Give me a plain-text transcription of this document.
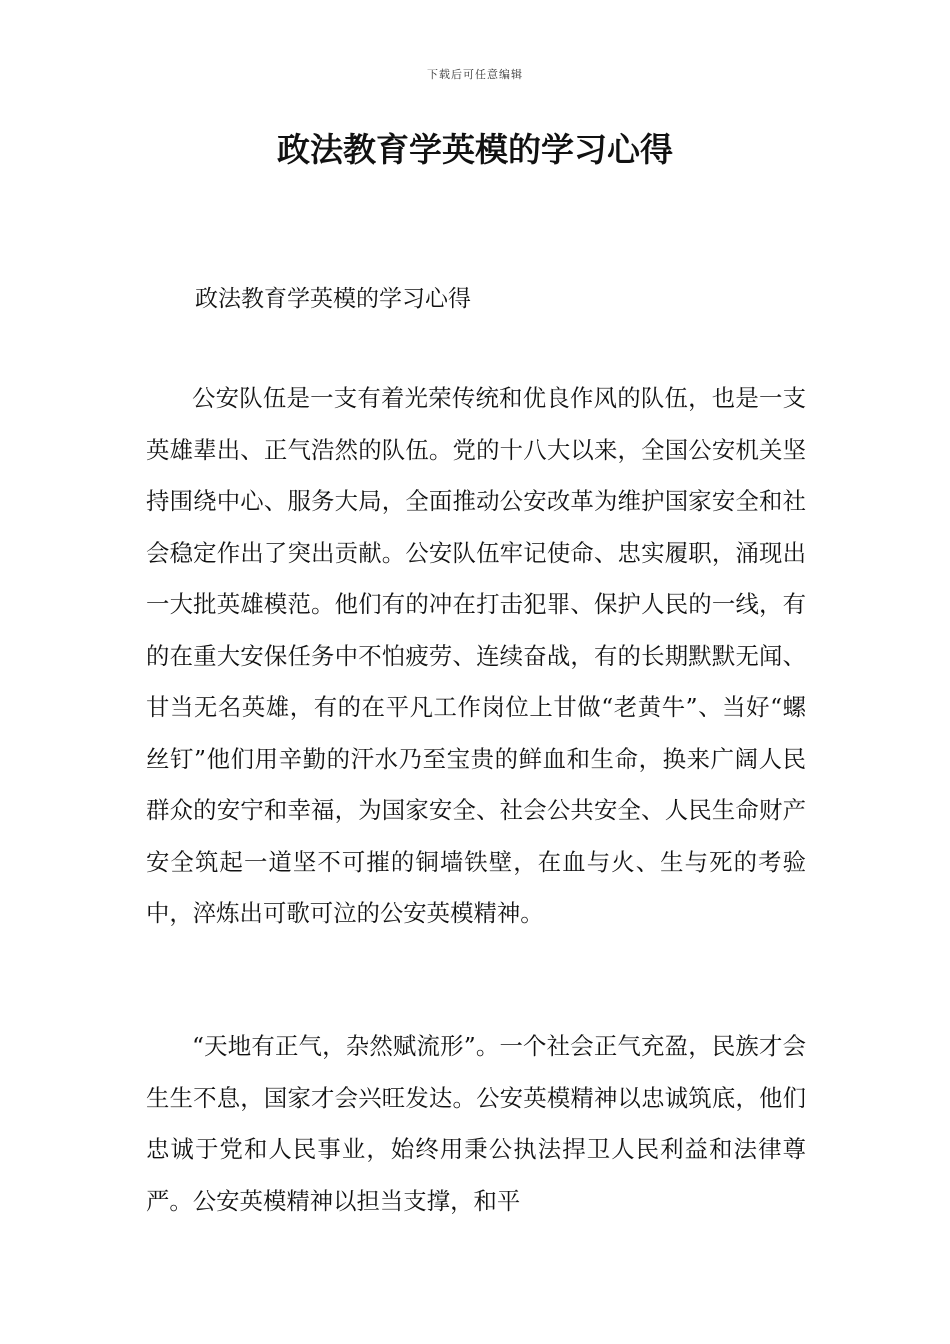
下载后可任意编辑
政法教育学英模的学习心得

政法教育学英模的学习心得

公安队伍是一支有着光荣传统和优良作风的队伍，也是一支英雄辈出、正气浩然的队伍。党的十八大以来，全国公安机关坚持围绕中心、服务大局，全面推动公安改革为维护国家安全和社会稳定作出了突出贡献。公安队伍牢记使命、忠实履职，涌现出一大批英雄模范。他们有的冲在打击犯罪、保护人民的一线，有的在重大安保任务中不怕疲劳、连续奋战，有的长期默默无闻、甘当无名英雄，有的在平凡工作岗位上甘做“老黄牛”、当好“螺丝钉”他们用辛勤的汗水乃至宝贵的鲜血和生命，换来广阔人民群众的安宁和幸福，为国家安全、社会公共安全、人民生命财产安全筑起一道坚不可摧的铜墙铁壁，在血与火、生与死的考验中，淬炼出可歌可泣的公安英模精神。

“天地有正气，杂然赋流形”。一个社会正气充盈，民族才会生生不息，国家才会兴旺发达。公安英模精神以忠诚筑底，他们忠诚于党和人民事业，始终用秉公执法捍卫人民利益和法律尊严。公安英模精神以担当支撑，和平
